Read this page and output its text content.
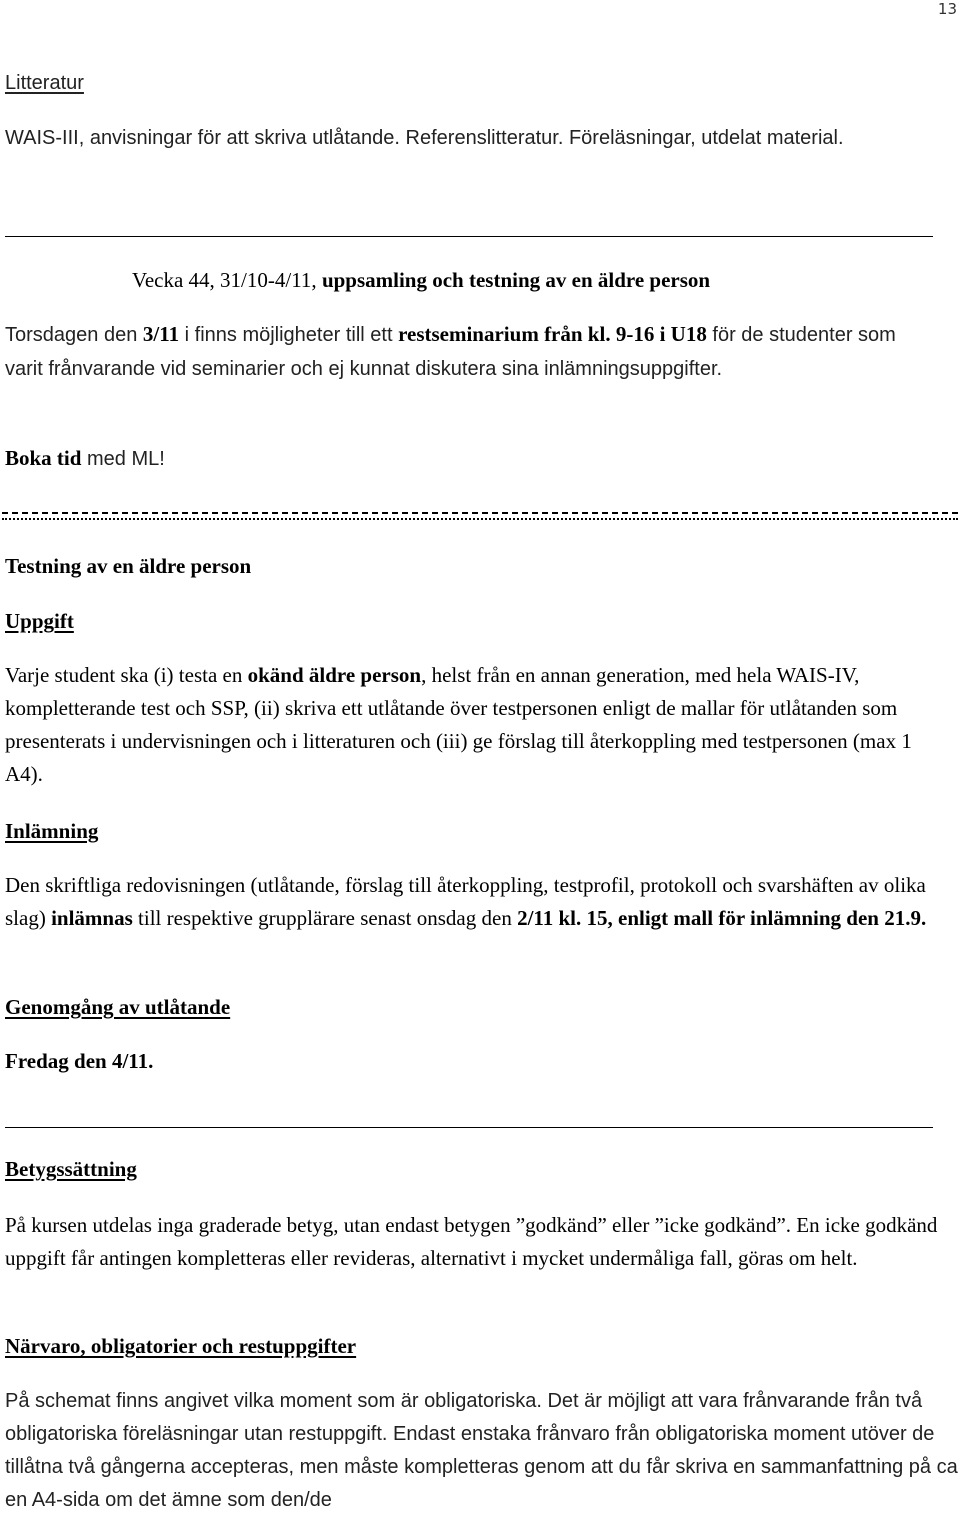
13

Litteratur

WAIS-III, anvisningar för att skriva utlåtande. Referenslitteratur. Föreläsningar, utdelat material.

Vecka 44, 31/10-4/11, uppsamling och testning av en äldre person

Torsdagen den 3/11 i finns möjligheter till ett restseminarium från kl. 9-16 i U18 för de studenter som varit frånvarande vid seminarier och ej kunnat diskutera sina inlämningsuppgifter.

Boka tid med ML!

Testning av en äldre person

Uppgift

Varje student ska (i) testa en okänd äldre person, helst från en annan generation, med hela WAIS-IV, kompletterande test och SSP, (ii) skriva ett utlåtande över testpersonen enligt de mallar för utlåtanden som presenterats i undervisningen och i litteraturen och (iii) ge förslag till återkoppling med testpersonen (max 1 A4).

Inlämning

Den skriftliga redovisningen (utlåtande, förslag till återkoppling, testprofil, protokoll och svarshäften av olika slag) inlämnas till respektive grupplärare senast onsdag den 2/11 kl. 15, enligt mall för inlämning den 21.9.

Genomgång av utlåtande

Fredag den 4/11.

Betygssättning

På kursen utdelas inga graderade betyg, utan endast betygen ”godkänd” eller ”icke godkänd”. En icke godkänd uppgift får antingen kompletteras eller revideras, alternativt i mycket undermåliga fall, göras om helt.

Närvaro, obligatorier och restuppgifter

På schemat finns angivet vilka moment som är obligatoriska. Det är möjligt att vara frånvarande från två obligatoriska föreläsningar utan restuppgift. Endast enstaka frånvaro från obligatoriska moment utöver de tillåtna två gångerna accepteras, men måste kompletteras genom att du får skriva en sammanfattning på ca en A4-sida om det ämne som den/de
